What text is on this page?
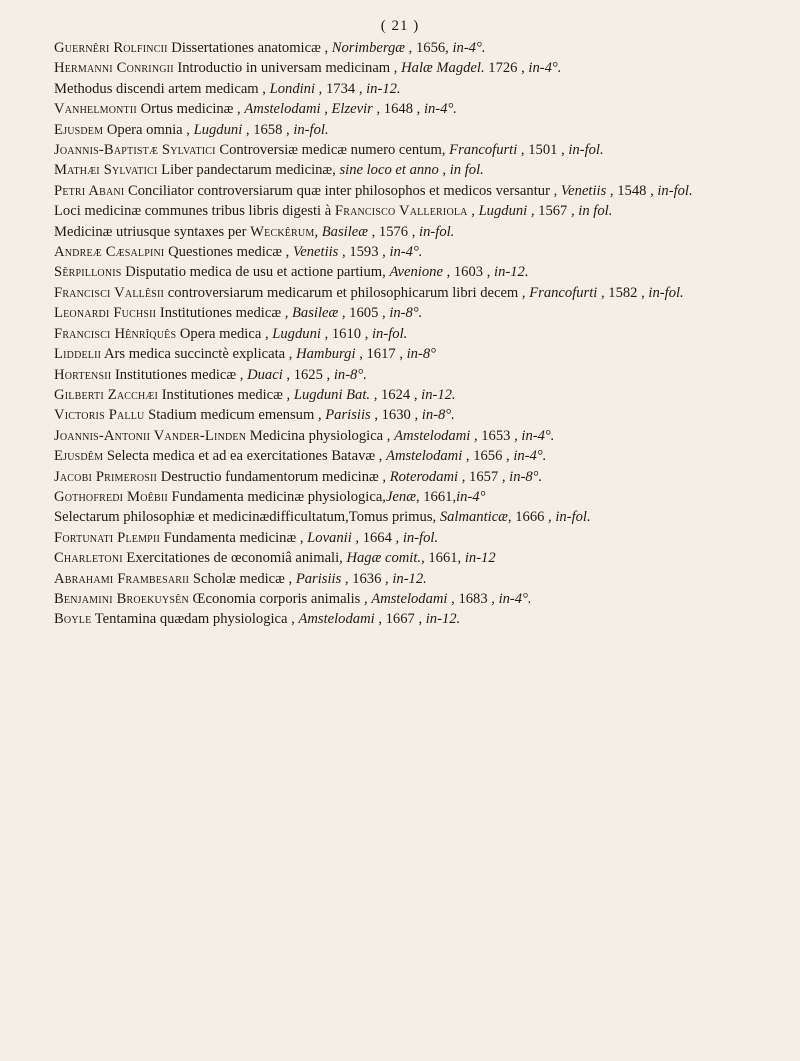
( 21 )

Guernêri Rolfincii Dissertationes anatomicæ , Norimbergæ , 1656, in-4°.

Hermanni Conringii Introductio in universam medicinam , Halæ Magdel. 1726 , in-4°.

Methodus discendi artem medicam , Londini , 1734 , in-12.

Vanhelmontii Ortus medicinæ , Amstelodami , Elzevir , 1648 , in-4°.

Ejusdem Opera omnia , Lugduni , 1658 , in-fol.

Joannis-Baptistæ Sylvatici Controversiæ medicæ numero centum, Francofurti , 1501 , in-fol.

Mathæi Sylvatici Liber pandectarum medicinæ, sine loco et anno , in fol.

Petri Abani Conciliator controversiarum quæ inter philosophos et medicos versantur , Venetiis , 1548 , in-fol.

Loci medicinæ communes tribus libris digesti à Francisco Valleriola , Lugduni , 1567 , in fol.

Medicinæ utriusque syntaxes per Weckêrum, Basileæ , 1576 , in-fol.

Andreæ Cæsalpini Questiones medicæ , Venetiis , 1593 , in-4°.

Sêrpillonis Disputatio medica de usu et actione partium, Avenione , 1603 , in-12.

Francisci Vallêsii controversiarum medicarum et philosophicarum libri decem , Francofurti , 1582 , in-fol.

Leonardi Fuchsii Institutiones medicæ , Basileæ , 1605 , in-8°.

Francisci Hênrîquês Opera medica , Lugduni , 1610 , in-fol.

Liddelii Ars medica succinctè explicata , Hamburgi , 1617 , in-8°

Hortensii Institutiones medicæ , Duaci , 1625 , in-8°.

Gilberti Zacchæi Institutiones medicæ , Lugduni Bat. , 1624 , in-12.

Victoris Pallu Stadium medicum emensum , Parisiis , 1630 , in-8°.

Joannis-Antonii Vander-Linden Medicina physiologica , Amstelodami , 1653 , in-4°.

Ejusdêm Selecta medica et ad ea exercitationes Batavæ , Amstelodami , 1656 , in-4°.

Jacobi Primerosii Destructio fundamentorum medicinæ , Roterodami , 1657 , in-8°.

Gothofredi Moêbii Fundamenta medicinæ physiologica,Jenæ, 1661,in-4°

Selectarum philosophiæ et medicinædifficultatum,Tomus primus, Salmanticæ, 1666 , in-fol.

Fortunati Plempii Fundamenta medicinæ , Lovanii , 1664 , in-fol.

Charletoni Exercitationes de œconomiâ animali, Hagæ comit., 1661, in-12

Abrahami Frambesarii Scholæ medicæ , Parisiis , 1636 , in-12.

Benjamini Broekuysên Œconomia corporis animalis , Amstelodami , 1683 , in-4°.

Boyle Tentamina quædam physiologica , Amstelodami , 1667 , in-12.
